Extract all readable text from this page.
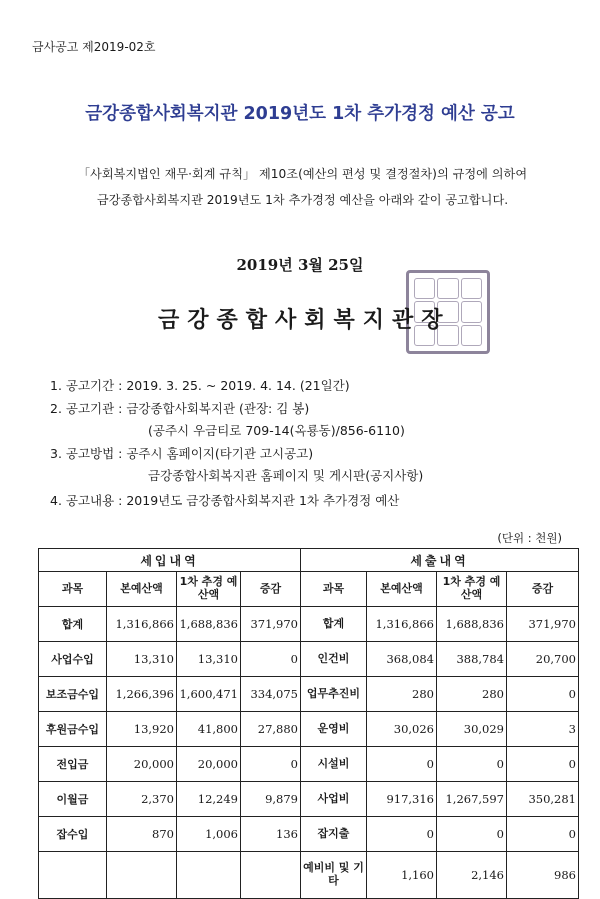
금사공고 제2019-02호
금강종합사회복지관 2019년도 1차 추가경정 예산 공고
「사회복지법인 재무·회계 규칙」 제10조(예산의 편성 및 결정절차)의 규정에 의하여
금강종합사회복지관 2019년도 1차 추가경정 예산을 아래와 같이 공고합니다.
2019년 3월 25일
금강종합사회복지관장
1. 공고기간 : 2019. 3. 25. ~ 2019. 4. 14. (21일간)
2. 공고기관 : 금강종합사회복지관 (관장: 김 봉)
(공주시 우금티로 709-14(옥룡동)/856-6110)
3. 공고방법 : 공주시 홈페이지(타기관 고시공고)
금강종합사회복지관 홈페이지 및 게시판(공지사항)
4. 공고내용 : 2019년도 금강종합사회복지관 1차 추가경정 예산
(단위 : 천원)
세입내역				세출내역			
과목	본예산액	1차 추경 예산액	증감	과목	본예산액	1차 추경 예산액	증감
합계	1,316,866	1,688,836	371,970	합계	1,316,866	1,688,836	371,970
사업수입	13,310	13,310	0	인건비	368,084	388,784	20,700
보조금수입	1,266,396	1,600,471	334,075	업무추진비	280	280	0
후원금수입	13,920	41,800	27,880	운영비	30,026	30,029	3
전입금	20,000	20,000	0	시설비	0	0	0
이월금	2,370	12,249	9,879	사업비	917,316	1,267,597	350,281
잡수입	870	1,006	136	잡지출	0	0	0
				예비비 및 기타	1,160	2,146	986
